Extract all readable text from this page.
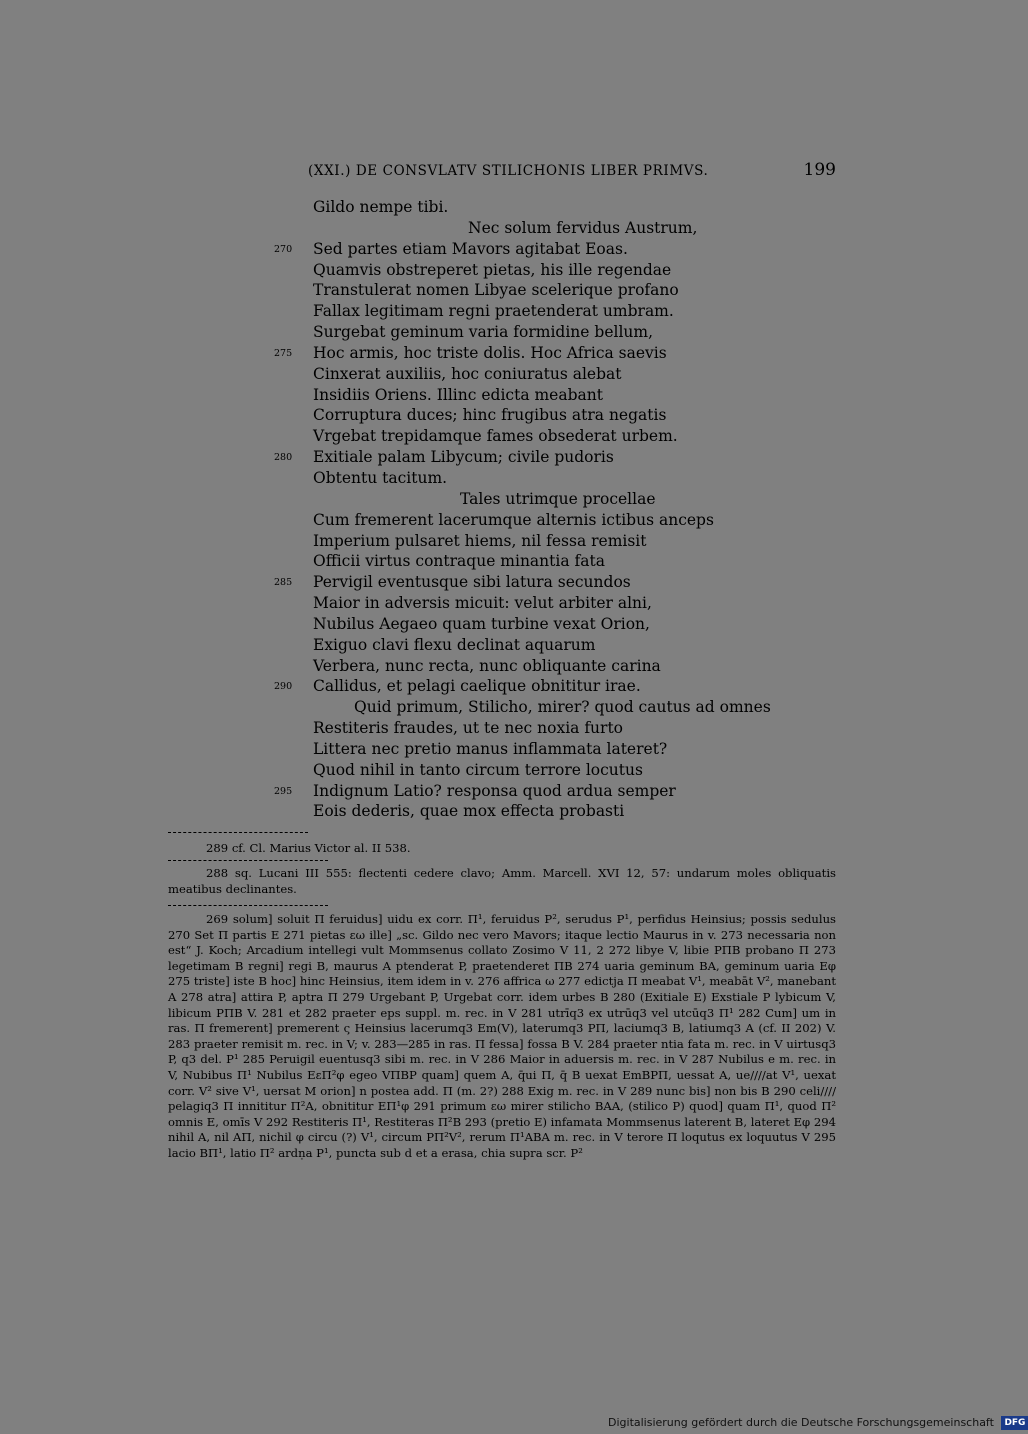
(XXI.) DE CONSVLATV STILICHONIS LIBER PRIMVS.	199
Gildo nempe tibi.
Nec solum fervidus Austrum,
270 Sed partes etiam Mavors agitabat Eoas.
Quamvis obstreperet pietas, his ille regendae
Transtulerat nomen Libyae scelerique profano
Fallax legitimam regni praetenderat umbram.
Surgebat geminum varia formidine bellum,
275 Hoc armis, hoc triste dolis. Hoc Africa saevis
Cinxerat auxiliis, hoc coniuratus alebat
Insidiis Oriens. Illinc edicta meabant
Corruptura duces; hinc frugibus atra negatis
Vrgebat trepidamque fames obsederat urbem.
280 Exitiale palam Libycum; civile pudoris
Obtentu tacitum.
Tales utrimque procellae
Cum fremerent lacerumque alternis ictibus anceps
Imperium pulsaret hiems, nil fessa remisit
Officii virtus contraque minantia fata
285 Pervigil eventusque sibi latura secundos
Maior in adversis micuit: velut arbiter alni,
Nubilus Aegaeo quam turbine vexat Orion,
Exiguo clavi flexu declinat aquarum
Verbera, nunc recta, nunc obliquante carina
290 Callidus, et pelagi caelique obnititur irae.
Quid primum, Stilicho, mirer? quod cautus ad omnes
Restiteris fraudes, ut te nec noxia furto
Littera nec pretio manus inflammata lateret?
Quod nihil in tanto circum terrore locutus
295 Indignum Latio? responsa quod ardua semper
Eois dederis, quae mox effecta probasti

289 cf. Cl. Marius Victor al. II 538.

288 sq. Lucani III 555: flectenti cedere clavo; Amm. Marcell. XVI 12, 57: undarum moles obliquatis meatibus declinantes.

269 solum] soluit Π feruidus] uidu ex corr. Π¹, feruidus P², serudus P¹, perfidus Heinsius; possis sedulus 270 Set Π partis E 271 pietas εω ille] „sc. Gildo nec vero Mavors; itaque lectio Maurus in v. 273 necessaria non est“ J. Koch; Arcadium intellegi vult Mommsenus collato Zosimo V 11, 2 272 libye V, libie PΠB probano Π 273 legetimam B regni] regi B, maurus A ptenderat P, praetenderet ΠB 274 uaria geminum BA, geminum uaria Eφ 275 triste] iste B hoc] hinc Heinsius, item idem in v. 276 affrica ω 277 edictja Π meabat V¹, meabāt V², manebant A 278 atra] attira P, aptra Π 279 Urgebant P, Urgebat corr. idem urbes B 280 (Exitiale E) Exstiale P lybicum V, libicum PΠB V. 281 et 282 praeter eps suppl. m. rec. in V 281 utrīq3 ex utrūq3 vel utcūq3 Π¹ 282 Cum] um in ras. Π fremerent] premerent ς Heinsius lacerumq3 Em(V), laterumq3 PΠ, laciumq3 B, latiumq3 A (cf. II 202) V. 283 praeter remisit m. rec. in V; v. 283—285 in ras. Π fessa] fossa B V. 284 praeter ntia fata m. rec. in V uirtusq3 P, q3 del. P¹ 285 Peruigil euentusq3 sibi m. rec. in V 286 Maior in aduersis m. rec. in V 287 Nubilus e m. rec. in V, Nubibus Π¹ Nubilus EεΠ²φ egeo VΠBP quam] quem A, q̄ui Π, q̄ B uexat EmBPΠ, uessat A, ue////at V¹, uexat corr. V² sive V¹, uersat M orion] n postea add. Π (m. 2?) 288 Exig m. rec. in V 289 nunc bis] non bis B 290 celi//// pelagiq3 Π innititur Π²A, obnititur EΠ¹φ 291 primum εω mirer stilicho BAA, (stilico P) quod] quam Π¹, quod Π² omnis E, omīs V 292 Restiteris Π¹, Restiteras Π²B 293 (pretio E) infamata Mommsenus laterent B, lateret Eφ 294 nihil A, nil AΠ, nichil φ circu (?) V¹, circum PΠ²V², rerum Π¹ABA m. rec. in V terore Π loqutus ex loquutus V 295 lacio BΠ¹, latio Π² ardṇa P¹, puncta sub d et a erasa, chia supra scr. P²

Digitalisierung gefördert durch die Deutsche Forschungsgemeinschaft DFG
